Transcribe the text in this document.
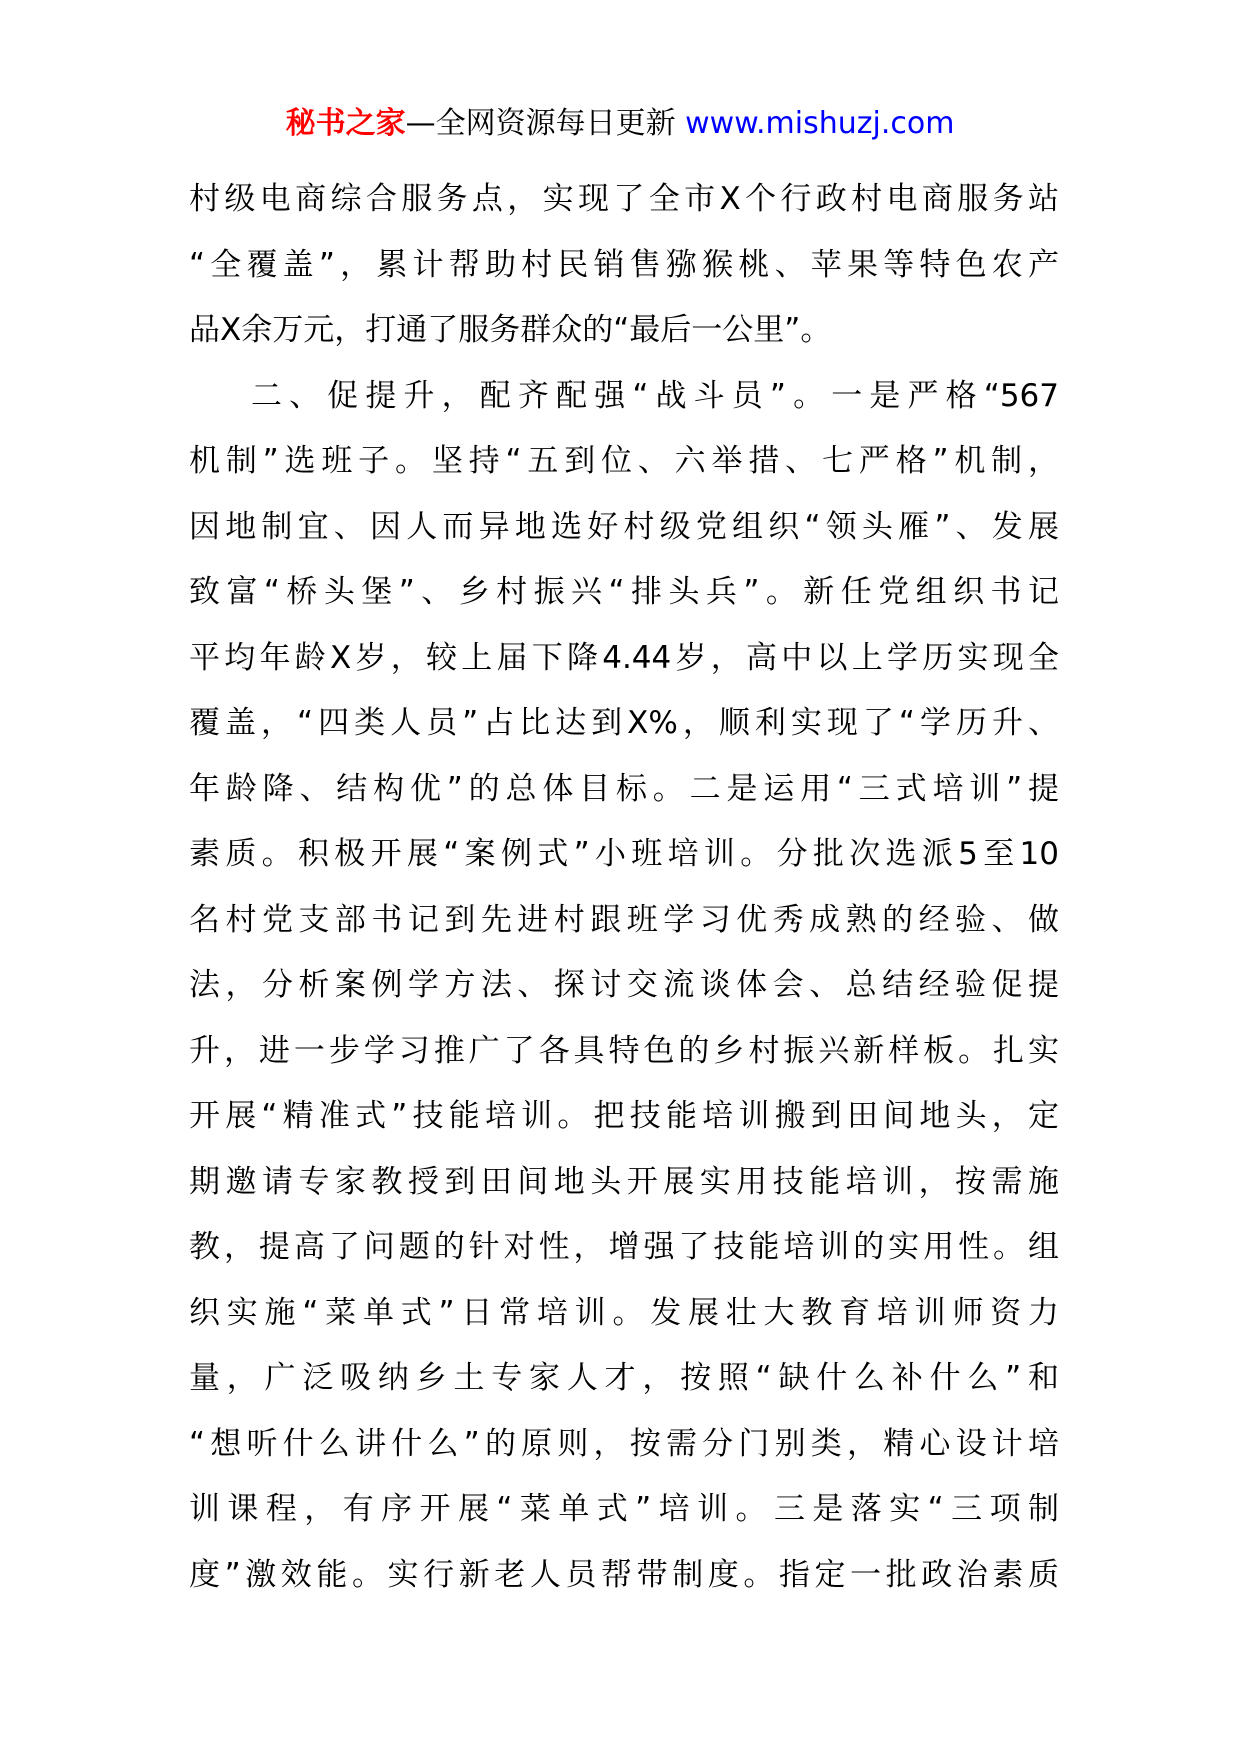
秘书之家—全网资源每日更新 www.mishuzj.com
村级电商综合服务点，实现了全市X个行政村电商服务站
“全覆盖”，累计帮助村民销售猕猴桃、苹果等特色农产
品X余万元，打通了服务群众的“最后一公里”。
二、促提升，配齐配强“战斗员”。一是严格“567
机制”选班子。坚持“五到位、六举措、七严格”机制，
因地制宜、因人而异地选好村级党组织“领头雁”、发展
致富“桥头堡”、乡村振兴“排头兵”。新任党组织书记
平均年龄X岁，较上届下降4.44岁，高中以上学历实现全
覆盖，“四类人员”占比达到X%，顺利实现了“学历升、
年龄降、结构优”的总体目标。二是运用“三式培训”提
素质。积极开展“案例式”小班培训。分批次选派5至10
名村党支部书记到先进村跟班学习优秀成熟的经验、做
法，分析案例学方法、探讨交流谈体会、总结经验促提
升，进一步学习推广了各具特色的乡村振兴新样板。扎实
开展“精准式”技能培训。把技能培训搬到田间地头，定
期邀请专家教授到田间地头开展实用技能培训，按需施
教，提高了问题的针对性，增强了技能培训的实用性。组
织实施“菜单式”日常培训。发展壮大教育培训师资力
量，广泛吸纳乡土专家人才，按照“缺什么补什么”和
“想听什么讲什么”的原则，按需分门别类，精心设计培
训课程，有序开展“菜单式”培训。三是落实“三项制
度”激效能。实行新老人员帮带制度。指定一批政治素质
